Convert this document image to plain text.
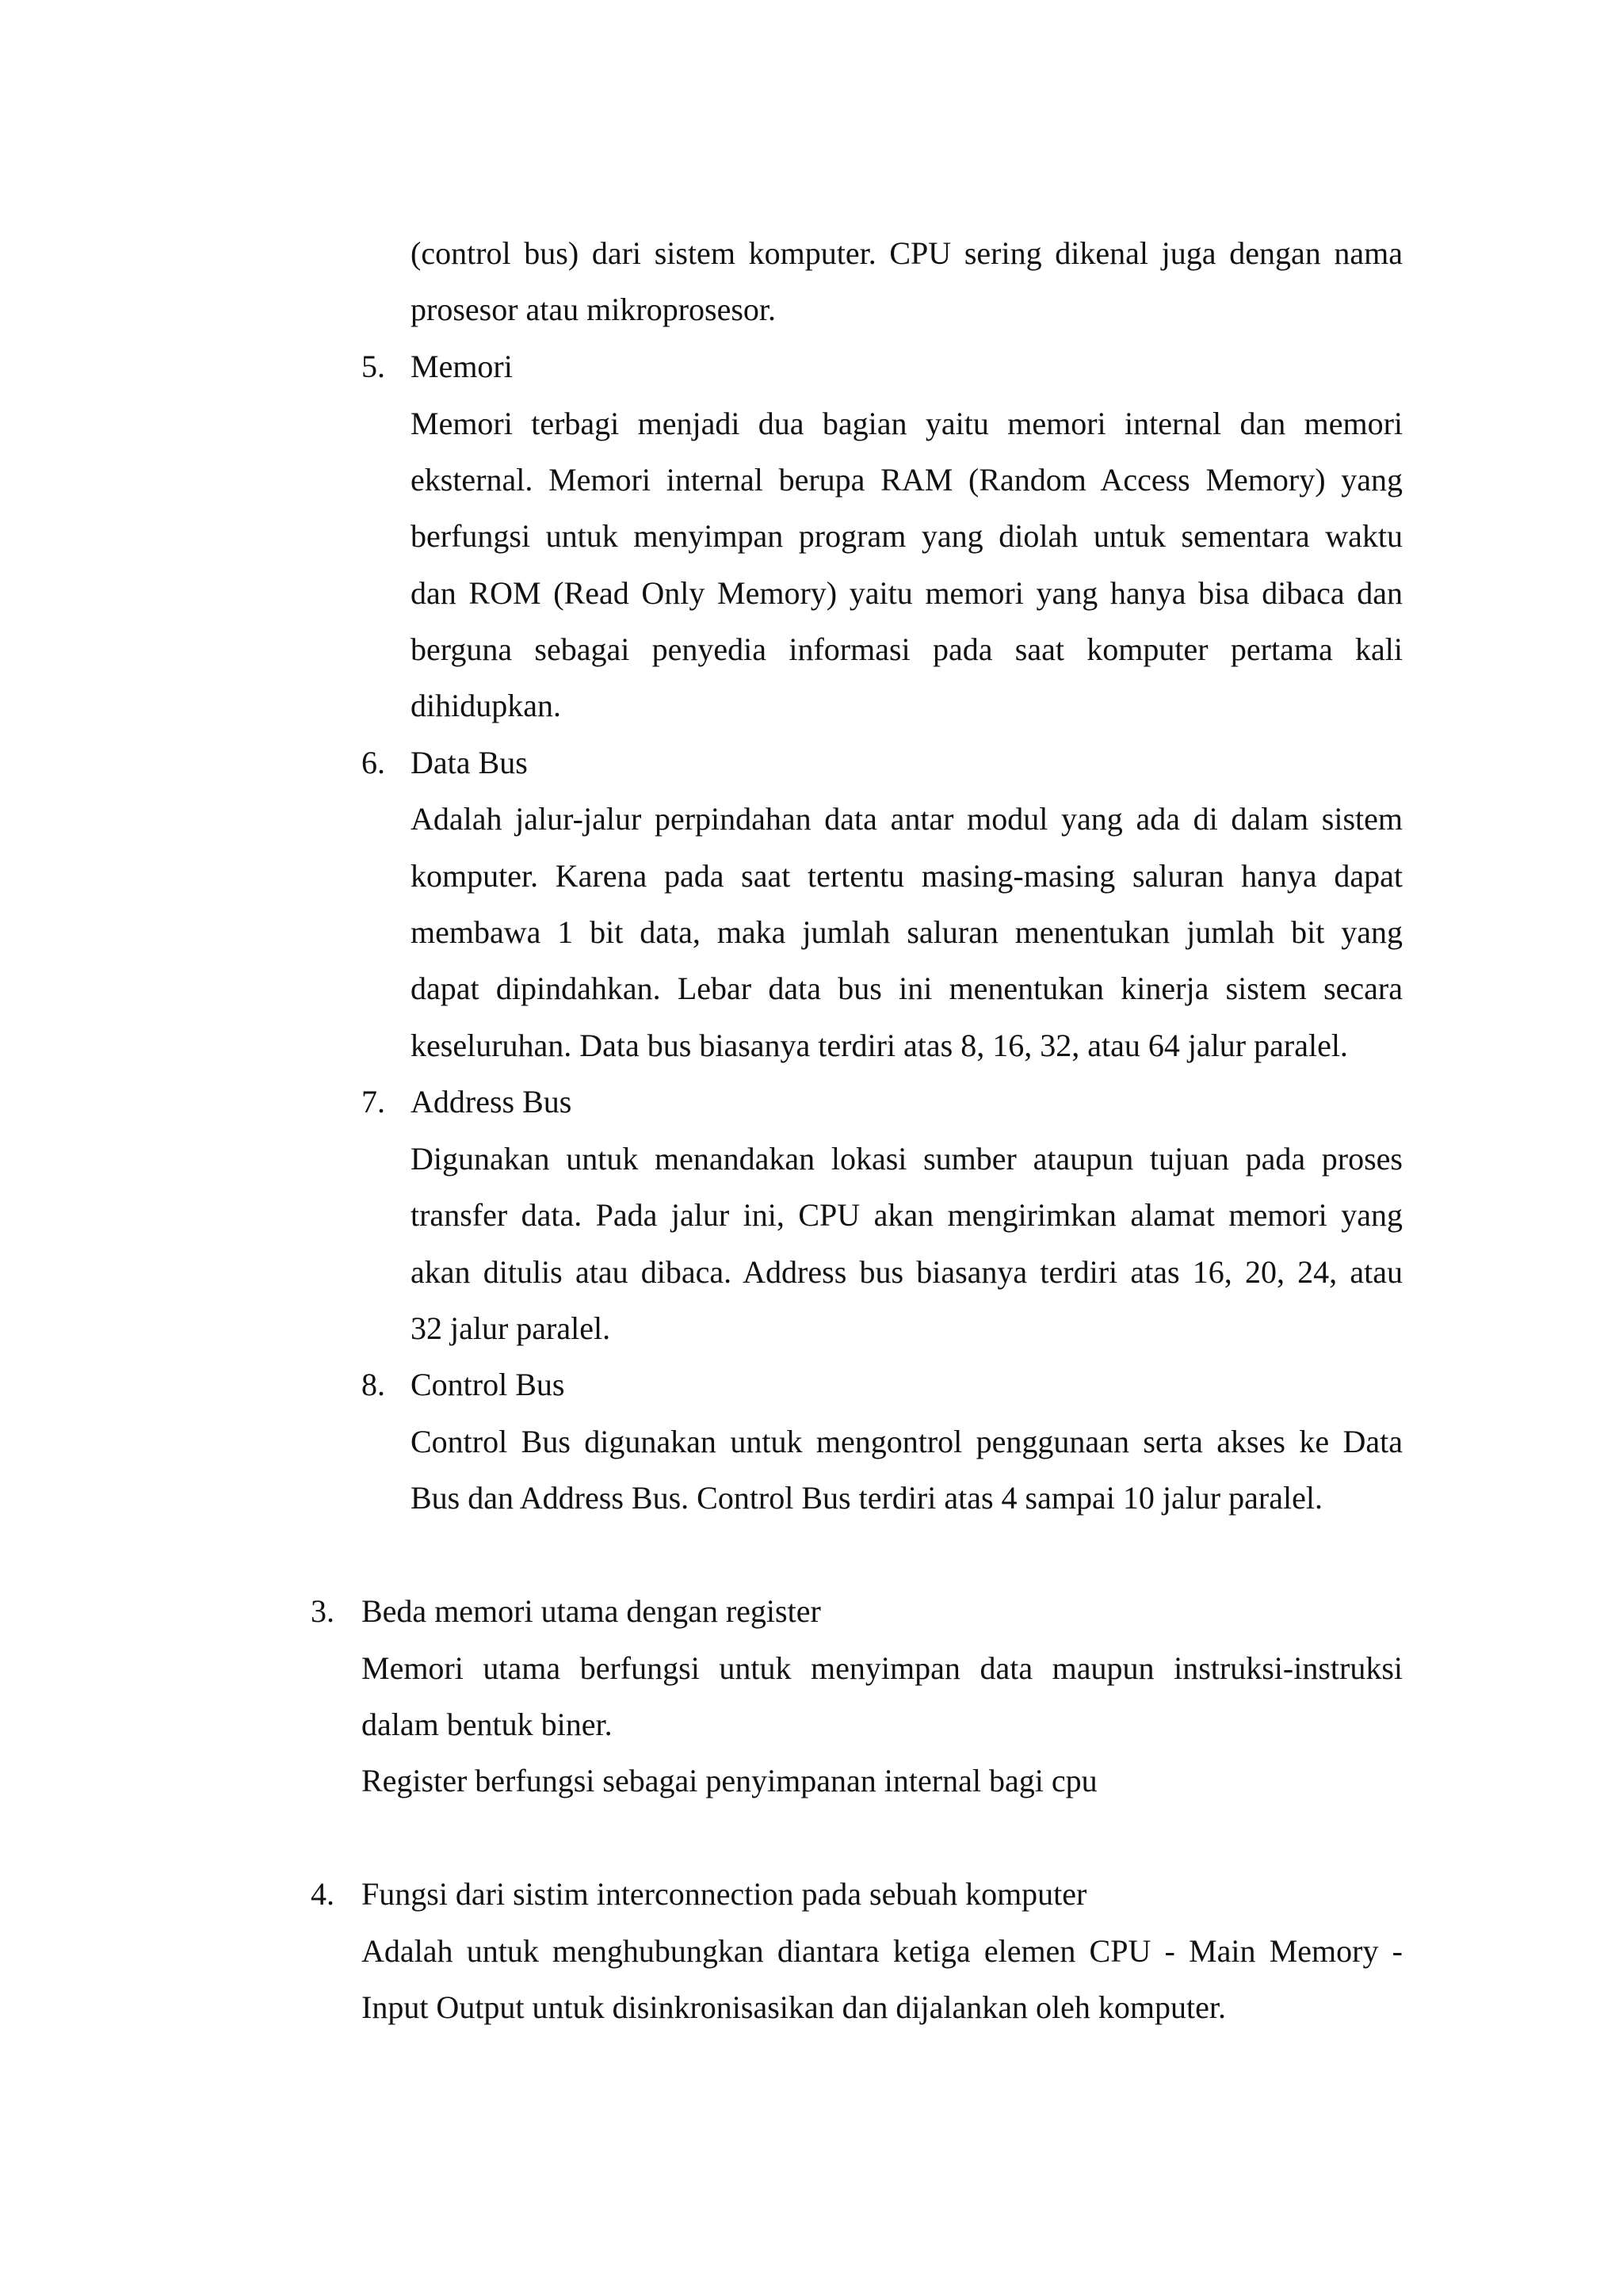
(control bus) dari sistem komputer. CPU sering dikenal juga dengan nama
prosesor atau mikroprosesor.
5. Memori
Memori terbagi menjadi dua bagian yaitu memori internal dan memori
eksternal. Memori internal berupa RAM (Random Access Memory) yang
berfungsi untuk menyimpan program yang diolah untuk sementara waktu
dan ROM (Read Only Memory) yaitu memori yang hanya bisa dibaca dan
berguna sebagai penyedia informasi pada saat komputer pertama kali
dihidupkan.
6. Data Bus
Adalah jalur-jalur perpindahan data antar modul yang ada di dalam sistem
komputer. Karena pada saat tertentu masing-masing saluran hanya dapat
membawa 1 bit data, maka jumlah saluran menentukan jumlah bit yang
dapat dipindahkan. Lebar data bus ini menentukan kinerja sistem secara
keseluruhan. Data bus biasanya terdiri atas 8, 16, 32, atau 64 jalur paralel.
7. Address Bus
Digunakan untuk menandakan lokasi sumber ataupun tujuan pada proses
transfer data. Pada jalur ini, CPU akan mengirimkan alamat memori yang
akan ditulis atau dibaca. Address bus biasanya terdiri atas 16, 20, 24, atau
32 jalur paralel.
8. Control Bus
Control Bus digunakan untuk mengontrol penggunaan serta akses ke Data
Bus dan Address Bus. Control Bus terdiri atas 4 sampai 10 jalur paralel.
3. Beda memori utama dengan register
Memori utama berfungsi untuk menyimpan data maupun instruksi-instruksi
dalam bentuk biner.
Register berfungsi sebagai penyimpanan internal bagi cpu
4. Fungsi dari sistim interconnection pada sebuah komputer
Adalah untuk menghubungkan diantara ketiga elemen CPU - Main Memory -
Input Output untuk disinkronisasikan dan dijalankan oleh komputer.
